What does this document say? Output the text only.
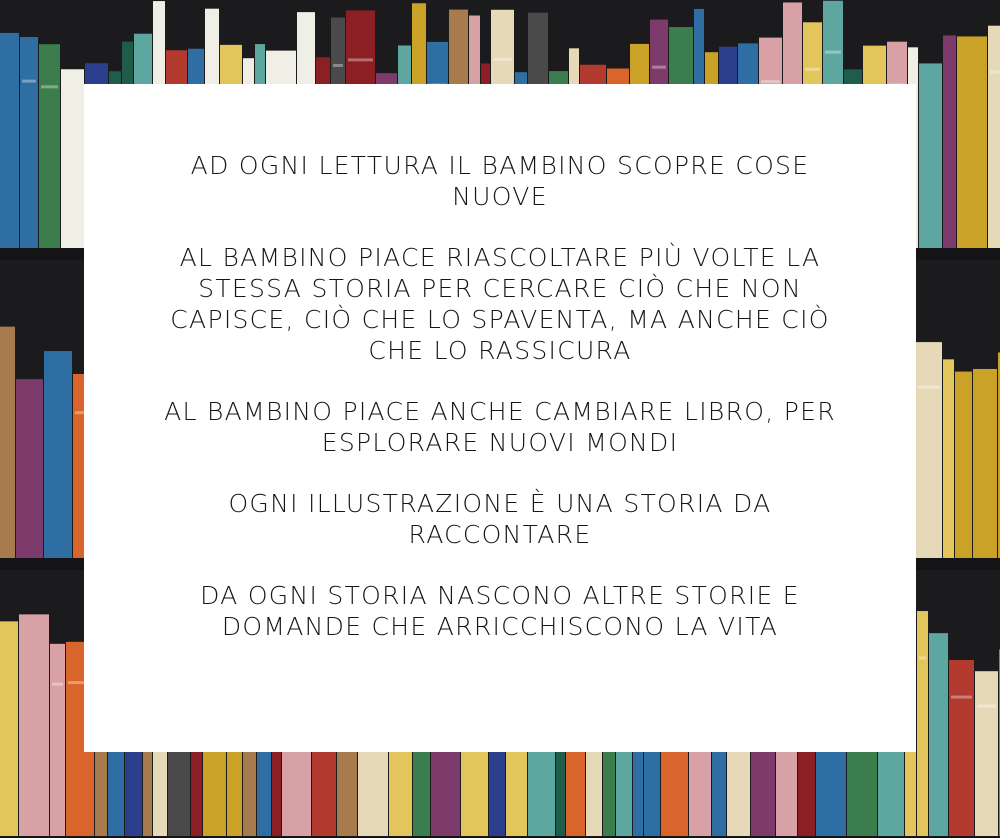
AD OGNI LETTURA IL BAMBINO SCOPRE COSE NUOVE

AL BAMBINO PIACE RIASCOLTARE PIÙ VOLTE LA STESSA STORIA PER CERCARE CIÒ CHE NON CAPISCE, CIÒ CHE LO SPAVENTA, MA ANCHE CIÒ CHE LO RASSICURA

AL BAMBINO PIACE ANCHE CAMBIARE LIBRO, PER ESPLORARE NUOVI MONDI

OGNI ILLUSTRAZIONE È UNA STORIA DA RACCONTARE

DA OGNI STORIA NASCONO ALTRE STORIE E DOMANDE CHE ARRICCHISCONO LA VITA
